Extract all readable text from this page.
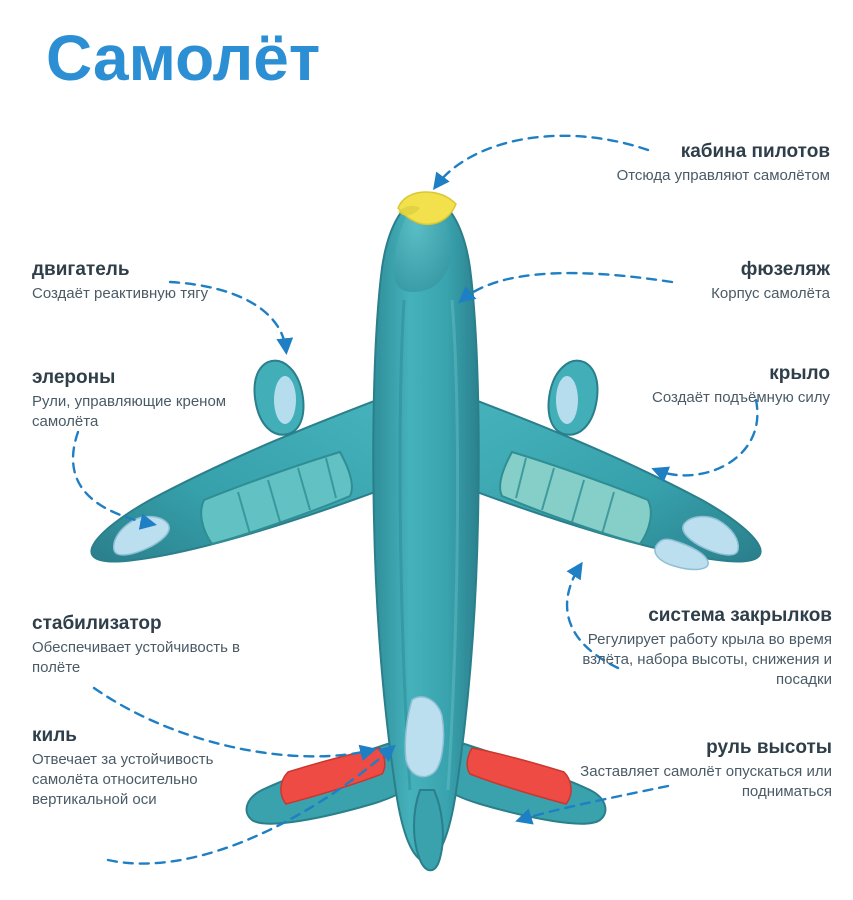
Самолёт
кабина пилотов
Отсюда управляют самолётом
фюзеляж
Корпус самолёта
крыло
Создаёт подъёмную силу
система закрылков
Регулирует работу крыла во время взлёта, набора высоты, снижения и посадки
руль высоты
Заставляет самолёт опускаться или подниматься
двигатель
Создаёт реактивную тягу
элероны
Рули, управляющие креном самолёта
стабилизатор
Обеспечивает устойчивость в полёте
киль
Отвечает за устойчивость самолёта относительно вертикальной оси
